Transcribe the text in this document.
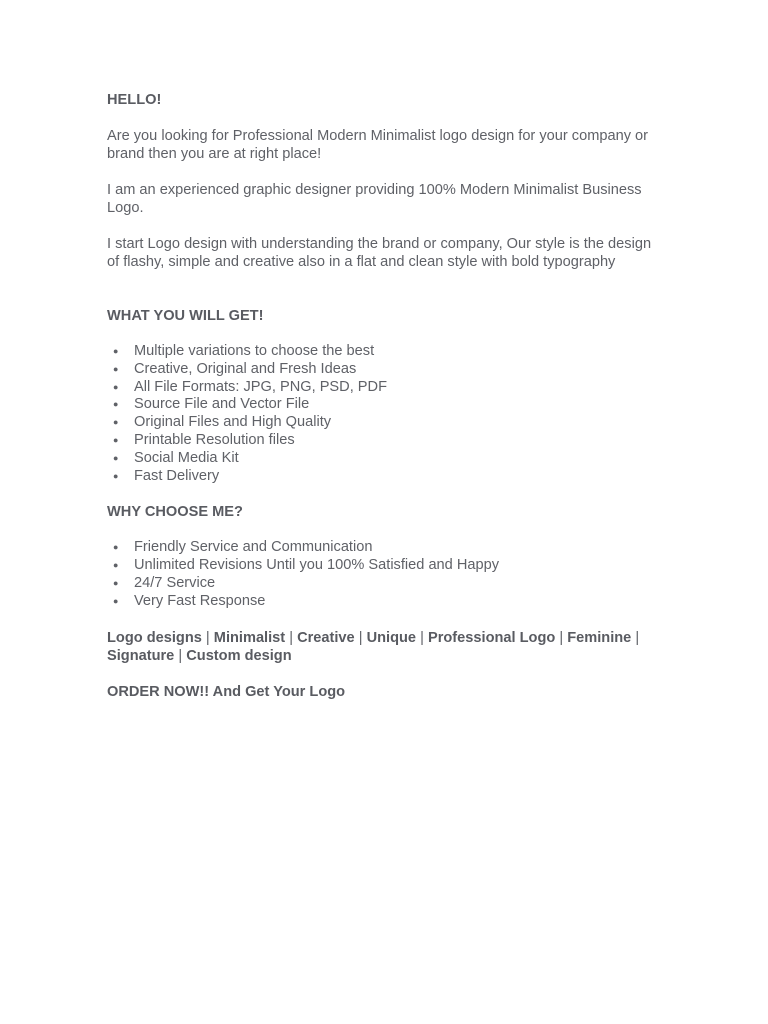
HELLO!

Are you looking for Professional Modern Minimalist logo design for your company or brand then you are at right place!

I am an experienced graphic designer providing 100% Modern Minimalist Business Logo.

I start Logo design with understanding the brand or company, Our style is the design of flashy, simple and creative also in a flat and clean style with bold typography

WHAT YOU WILL GET!

● Multiple variations to choose the best
● Creative, Original and Fresh Ideas
● All File Formats: JPG, PNG, PSD, PDF
● Source File and Vector File
● Original Files and High Quality
● Printable Resolution files
● Social Media Kit
● Fast Delivery

WHY CHOOSE ME?

● Friendly Service and Communication
● Unlimited Revisions Until you 100% Satisfied and Happy
● 24/7 Service
● Very Fast Response

Logo designs | Minimalist | Creative | Unique | Professional Logo | Feminine | Signature | Custom design

ORDER NOW!! And Get Your Logo
